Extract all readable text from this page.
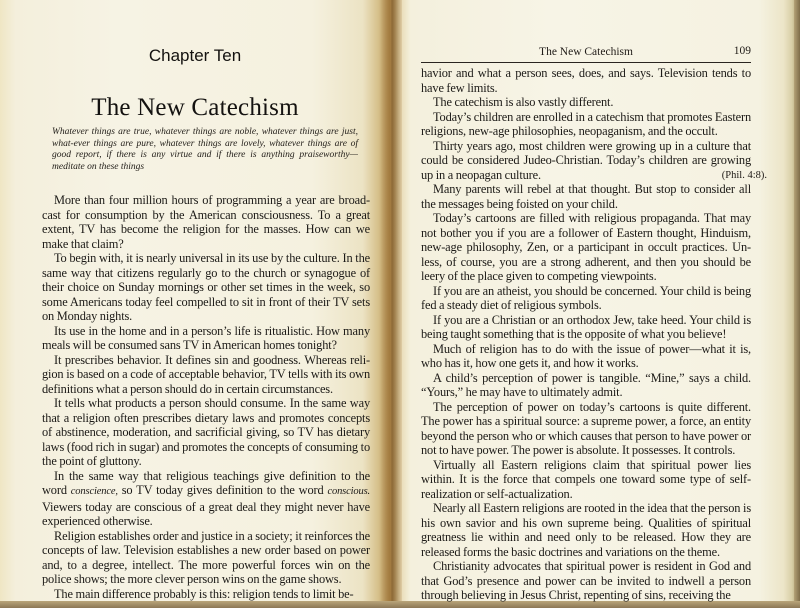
Chapter Ten
The New Catechism
Whatever things are true, whatever things are noble, whatever things are just, what-ever things are pure, whatever things are lovely, whatever things are of good report, if there is any virtue and if there is anything praiseworthy—meditate on these things
(Phil. 4:8).

More than four million hours of programming a year are broad-cast for consumption by the American consciousness. To a great extent, TV has become the religion for the masses. How can we make that claim?

To begin with, it is nearly universal in its use by the culture. In the same way that citizens regularly go to the church or synagogue of their choice on Sunday mornings or other set times in the week, so some Americans today feel compelled to sit in front of their TV sets on Monday nights.

Its use in the home and in a person’s life is ritualistic. How many meals will be consumed sans TV in American homes tonight?

It prescribes behavior. It defines sin and goodness. Whereas reli-gion is based on a code of acceptable behavior, TV tells with its own definitions what a person should do in certain circumstances.

It tells what products a person should consume. In the same way that a religion often prescribes dietary laws and promotes concepts of abstinence, moderation, and sacrificial giving, so TV has dietary laws (food rich in sugar) and promotes the concepts of consuming to the point of gluttony.

In the same way that religious teachings give definition to the word conscience, so TV today gives definition to the word conscious. Viewers today are conscious of a great deal they might never have experienced otherwise.

Religion establishes order and justice in a society; it reinforces the concepts of law. Television establishes a new order based on power and, to a degree, intellect. The more powerful forces win on the police shows; the more clever person wins on the game shows.

The main difference probably is this: religion tends to limit be-

The New Catechism	109

havior and what a person sees, does, and says. Television tends to have few limits.

The catechism is also vastly different.

Today’s children are enrolled in a catechism that promotes Eastern religions, new-age philosophies, neopaganism, and the occult.

Thirty years ago, most children were growing up in a culture that could be considered Judeo-Christian. Today’s children are growing up in a neopagan culture.

Many parents will rebel at that thought. But stop to consider all the messages being foisted on your child.

Today’s cartoons are filled with religious propaganda. That may not bother you if you are a follower of Eastern thought, Hinduism, new-age philosophy, Zen, or a participant in occult practices. Un-less, of course, you are a strong adherent, and then you should be leery of the place given to competing viewpoints.

If you are an atheist, you should be concerned. Your child is being fed a steady diet of religious symbols.

If you are a Christian or an orthodox Jew, take heed. Your child is being taught something that is the opposite of what you believe!

Much of religion has to do with the issue of power—what it is, who has it, how one gets it, and how it works.

A child’s perception of power is tangible. “Mine,” says a child. “Yours,” he may have to ultimately admit.

The perception of power on today’s cartoons is quite different. The power has a spiritual source: a supreme power, a force, an entity beyond the person who or which causes that person to have power or not to have power. The power is absolute. It possesses. It controls.

Virtually all Eastern religions claim that spiritual power lies within. It is the force that compels one toward some type of self-realization or self-actualization.

Nearly all Eastern religions are rooted in the idea that the person is his own savior and his own supreme being. Qualities of spiritual greatness lie within and need only to be released. How they are released forms the basic doctrines and variations on the theme.

Christianity advocates that spiritual power is resident in God and that God’s presence and power can be invited to indwell a person through believing in Jesus Christ, repenting of sins, receiving the
